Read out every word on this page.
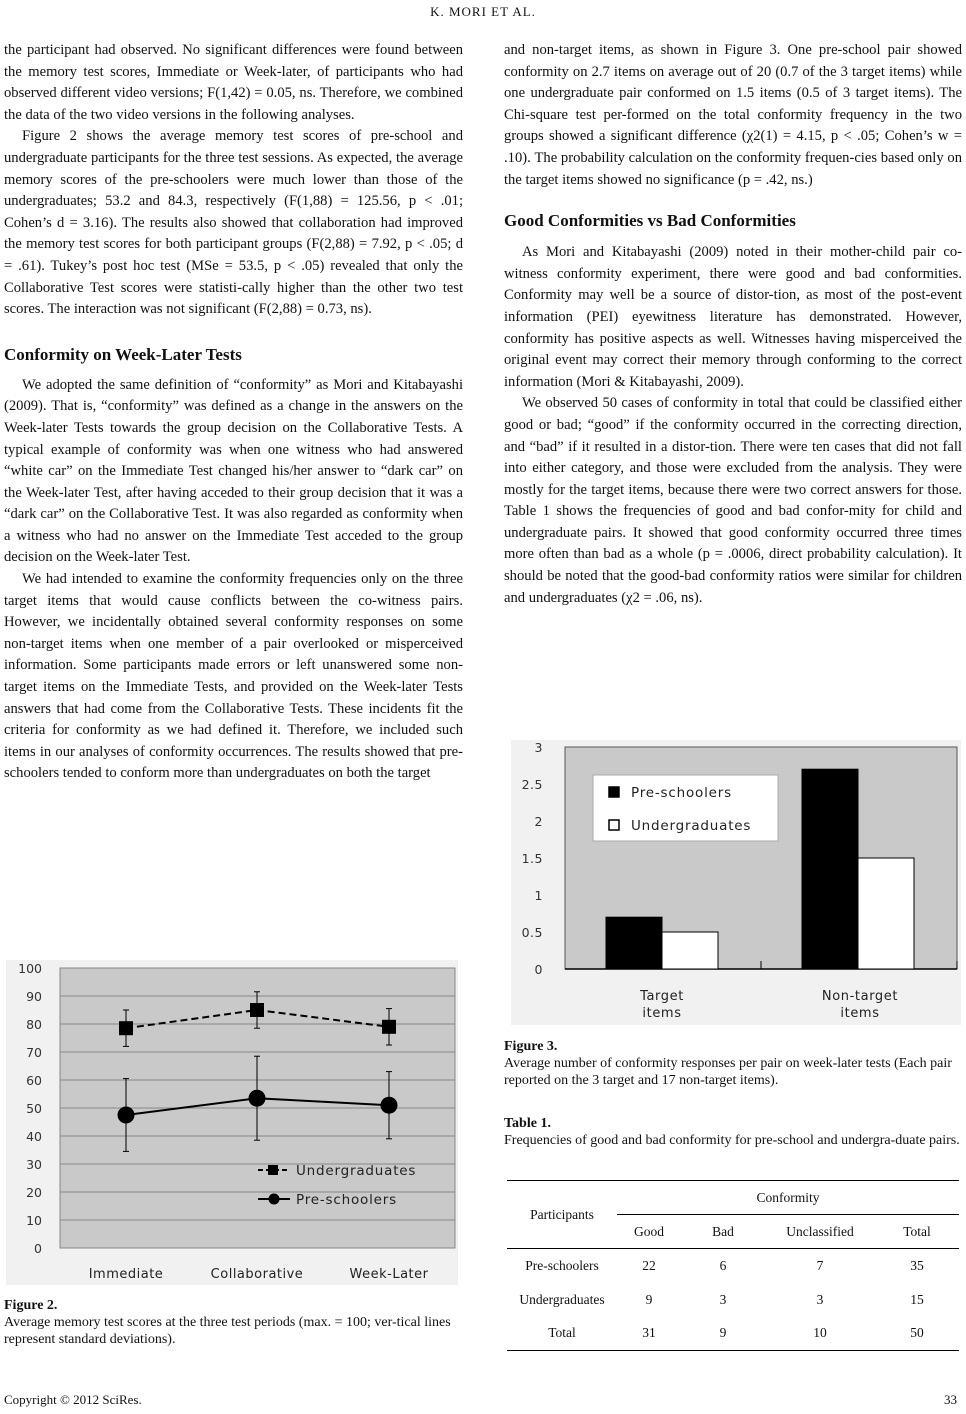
K. MORI ET AL.

the participant had observed. No significant differences were found between the memory test scores, Immediate or Week-later, of participants who had observed different video versions; F(1,42) = 0.05, ns. Therefore, we combined the data of the two video versions in the following analyses.

Figure 2 shows the average memory test scores of pre-school and undergraduate participants for the three test sessions. As expected, the average memory scores of the pre-schoolers were much lower than those of the undergraduates; 53.2 and 84.3, respectively (F(1,88) = 125.56, p < .01; Cohen’s d = 3.16). The results also showed that collaboration had improved the memory test scores for both participant groups (F(2,88) = 7.92, p < .05; d = .61). Tukey’s post hoc test (MSe = 53.5, p < .05) revealed that only the Collaborative Test scores were statisti-cally higher than the other two test scores. The interaction was not significant (F(2,88) = 0.73, ns).

Conformity on Week-Later Tests

We adopted the same definition of “conformity” as Mori and Kitabayashi (2009). That is, “conformity” was defined as a change in the answers on the Week-later Tests towards the group decision on the Collaborative Tests. A typical example of conformity was when one witness who had answered “white car” on the Immediate Test changed his/her answer to “dark car” on the Week-later Test, after having acceded to their group decision that it was a “dark car” on the Collaborative Test. It was also regarded as conformity when a witness who had no answer on the Immediate Test acceded to the group decision on the Week-later Test.

We had intended to examine the conformity frequencies only on the three target items that would cause conflicts between the co-witness pairs. However, we incidentally obtained several conformity responses on some non-target items when one member of a pair overlooked or misperceived information. Some participants made errors or left unanswered some non-target items on the Immediate Tests, and provided on the Week-later Tests answers that had come from the Collaborative Tests. These incidents fit the criteria for conformity as we had defined it. Therefore, we included such items in our analyses of conformity occurrences. The results showed that pre-schoolers tended to conform more than undergraduates on both the target

0
10
20
30
40
50
60
70
80
90
100
Immediate	Collaborative	Week-Later
Undergraduates
Pre-schoolers
Figure 2.
Average memory test scores at the three test periods (max. = 100; ver-tical lines represent standard deviations).

and non-target items, as shown in Figure 3. One pre-school pair showed conformity on 2.7 items on average out of 20 (0.7 of the 3 target items) while one undergraduate pair conformed on 1.5 items (0.5 of 3 target items). The Chi-square test per-formed on the total conformity frequency in the two groups showed a significant difference (χ2(1) = 4.15, p < .05; Cohen’s w = .10). The probability calculation on the conformity frequen-cies based only on the target items showed no significance (p = .42, ns.)

Good Conformities vs Bad Conformities

As Mori and Kitabayashi (2009) noted in their mother-child pair co-witness conformity experiment, there were good and bad conformities. Conformity may well be a source of distor-tion, as most of the post-event information (PEI) eyewitness literature has demonstrated. However, conformity has positive aspects as well. Witnesses having misperceived the original event may correct their memory through conforming to the correct information (Mori & Kitabayashi, 2009).

We observed 50 cases of conformity in total that could be classified either good or bad; “good” if the conformity occurred in the correcting direction, and “bad” if it resulted in a distor-tion. There were ten cases that did not fall into either category, and those were excluded from the analysis. They were mostly for the target items, because there were two correct answers for those. Table 1 shows the frequencies of good and bad confor-mity for child and undergraduate pairs. It showed that good conformity occurred three times more often than bad as a whole (p = .0006, direct probability calculation). It should be noted that the good-bad conformity ratios were similar for children and undergraduates (χ2 = .06, ns).

0
0.5
1
1.5
2
2.5
3
Target
items
Non-target
items
Pre-schoolers
Undergraduates
Figure 3.
Average number of conformity responses per pair on week-later tests (Each pair reported on the 3 target and 17 non-target items).
Table 1.
Frequencies of good and bad conformity for pre-school and undergra-duate pairs.
Participants	Conformity			
	Good	Bad	Unclassified	Total
Pre-schoolers	22	6	7	35
Undergraduates	9	3	3	15
Total	31	9	10	50
Copyright © 2012 SciRes.	33
